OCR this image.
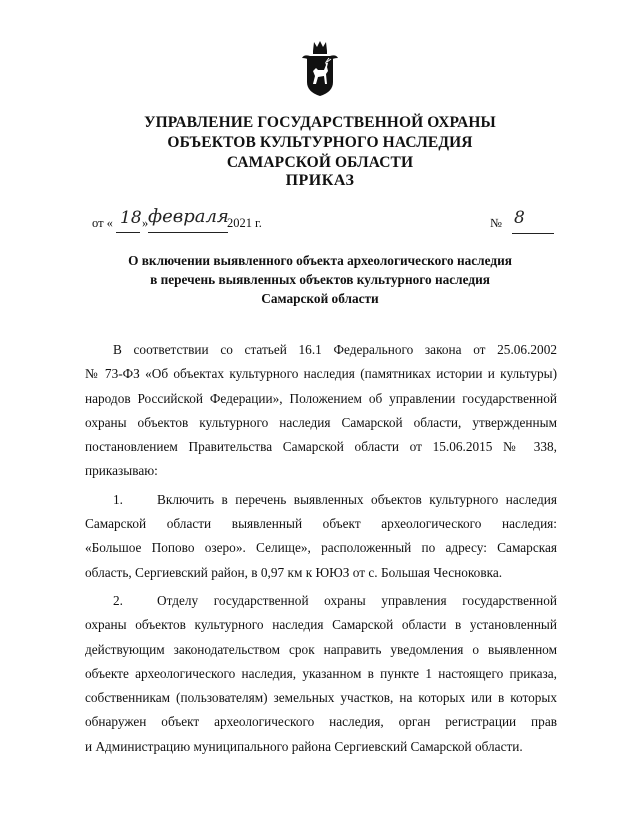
УПРАВЛЕНИЕ ГОСУДАРСТВЕННОЙ ОХРАНЫ
ОБЪЕКТОВ КУЛЬТУРНОГО НАСЛЕДИЯ
САМАРСКОЙ ОБЛАСТИ
ПРИКАЗ
от « 18 » февраля
2021 г.	№ 8
О включении выявленного объекта археологического наследия
в перечень выявленных объектов культурного наследия
Самарской области

В соответствии со статьей 16.1 Федерального закона от 25.06.2002
№ 73-ФЗ «Об объектах культурного наследия (памятниках истории и культуры)
народов Российской Федерации», Положением об управлении государственной
охраны объектов культурного наследия Самарской области, утвержденным
постановлением Правительства Самарской области от 15.06.2015 № 338,
приказываю:

1.	Включить в перечень выявленных объектов культурного наследия
Самарской области выявленный объект археологического наследия:
«Большое Попово озеро». Селище», расположенный по адресу: Самарская
область, Сергиевский район, в 0,97 км к ЮЮЗ от с. Большая Чесноковка.

2.	Отделу государственной охраны управления государственной
охраны объектов культурного наследия Самарской области в установленный
действующим законодательством срок направить уведомления о выявленном
объекте археологического наследия, указанном в пункте 1 настоящего приказа,
собственникам (пользователям) земельных участков, на которых или в которых
обнаружен объект археологического наследия, орган регистрации прав
и Администрацию муниципального района Сергиевский Самарской области.
